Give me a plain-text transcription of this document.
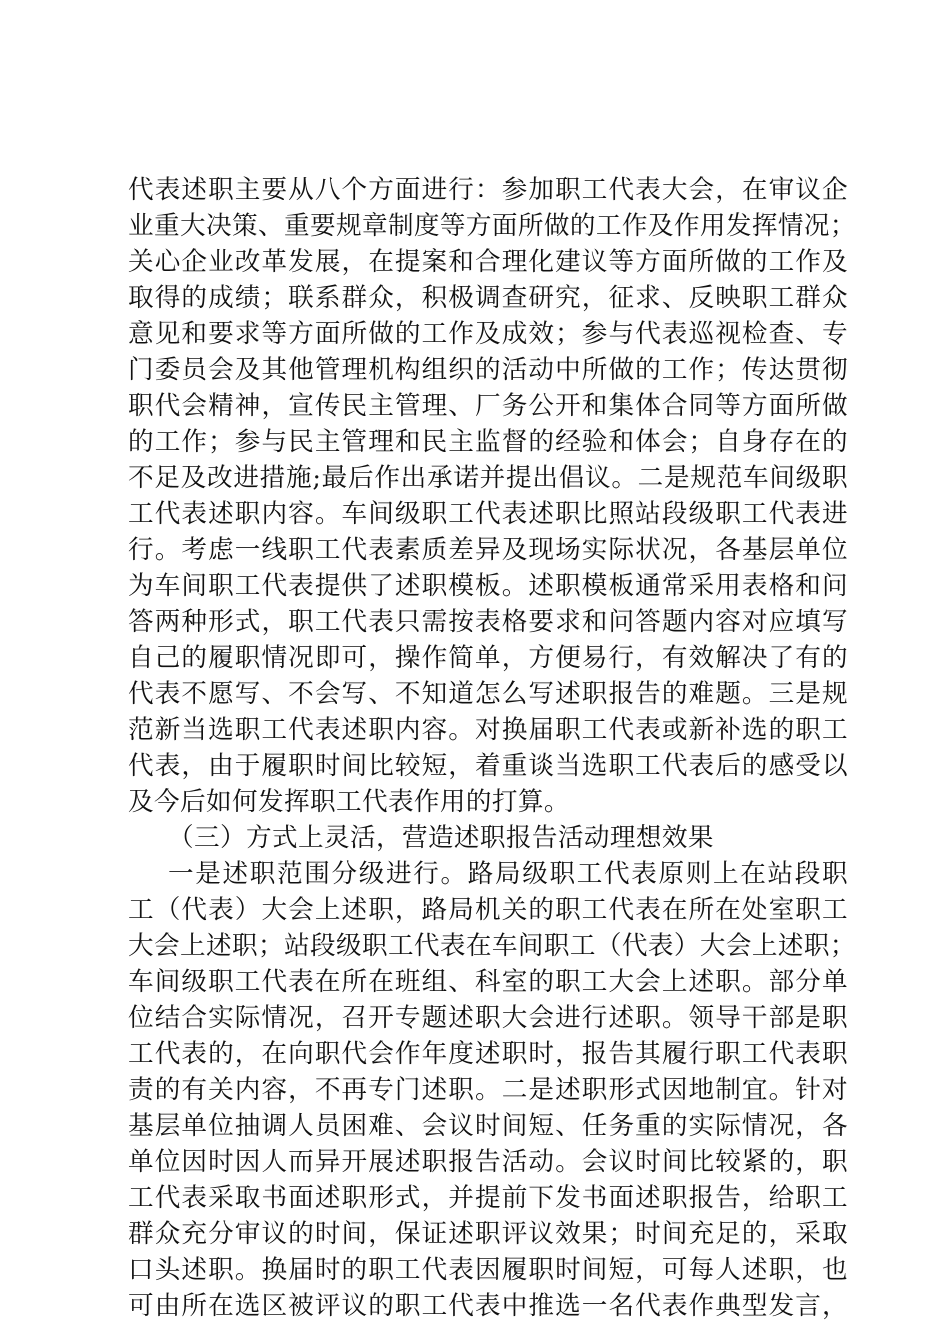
代表述职主要从八个方面进行：参加职工代表大会，在审议企
业重大决策、重要规章制度等方面所做的工作及作用发挥情况；
关心企业改革发展，在提案和合理化建议等方面所做的工作及
取得的成绩；联系群众，积极调查研究，征求、反映职工群众
意见和要求等方面所做的工作及成效；参与代表巡视检查、专
门委员会及其他管理机构组织的活动中所做的工作；传达贯彻
职代会精神，宣传民主管理、厂务公开和集体合同等方面所做
的工作；参与民主管理和民主监督的经验和体会；自身存在的
不足及改进措施;最后作出承诺并提出倡议。二是规范车间级职
工代表述职内容。车间级职工代表述职比照站段级职工代表进
行。考虑一线职工代表素质差异及现场实际状况，各基层单位
为车间职工代表提供了述职模板。述职模板通常采用表格和问
答两种形式，职工代表只需按表格要求和问答题内容对应填写
自己的履职情况即可，操作简单，方便易行，有效解决了有的
代表不愿写、不会写、不知道怎么写述职报告的难题。三是规
范新当选职工代表述职内容。对换届职工代表或新补选的职工
代表，由于履职时间比较短，着重谈当选职工代表后的感受以
及今后如何发挥职工代表作用的打算。
（三）方式上灵活，营造述职报告活动理想效果
一是述职范围分级进行。路局级职工代表原则上在站段职
工（代表）大会上述职，路局机关的职工代表在所在处室职工
大会上述职；站段级职工代表在车间职工（代表）大会上述职；
车间级职工代表在所在班组、科室的职工大会上述职。部分单
位结合实际情况，召开专题述职大会进行述职。领导干部是职
工代表的，在向职代会作年度述职时，报告其履行职工代表职
责的有关内容，不再专门述职。二是述职形式因地制宜。针对
基层单位抽调人员困难、会议时间短、任务重的实际情况，各
单位因时因人而异开展述职报告活动。会议时间比较紧的，职
工代表采取书面述职形式，并提前下发书面述职报告，给职工
群众充分审议的时间，保证述职评议效果；时间充足的，采取
口头述职。换届时的职工代表因履职时间短，可每人述职，也
可由所在选区被评议的职工代表中推选一名代表作典型发言，
